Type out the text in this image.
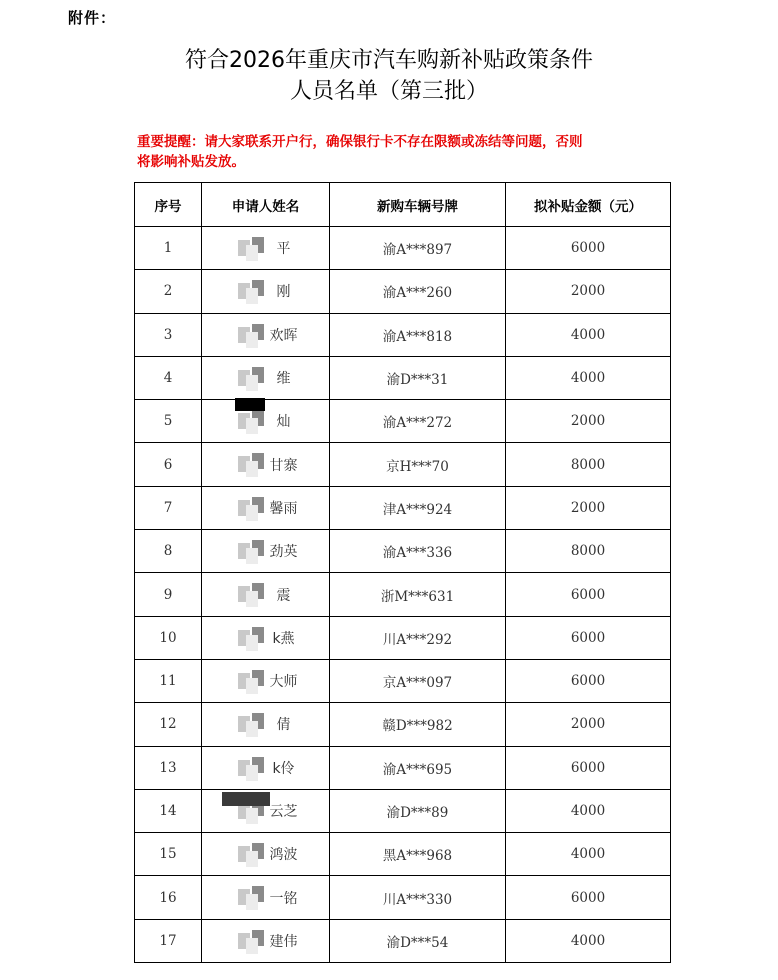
附件：
符合2026年重庆市汽车购新补贴政策条件
人员名单（第三批）
重要提醒：请大家联系开户行，确保银行卡不存在限额或冻结等问题，否则
将影响补贴发放。
序号	申请人姓名	新购车辆号牌	拟补贴金额（元）
1	平	渝A***897	6000
2	刚	渝A***260	2000
3	欢晖	渝A***818	4000
4	维	渝D***31	4000
5	灿	渝A***272	2000
6	甘寨	京H***70	8000
7	馨雨	津A***924	2000
8	劲英	渝A***336	8000
9	震	浙M***631	6000
10	k燕	川A***292	6000
11	大师	京A***097	6000
12	倩	赣D***982	2000
13	k伶	渝A***695	6000
14	云芝	渝D***89	4000
15	鸿波	黑A***968	4000
16	一铭	川A***330	6000
17	建伟	渝D***54	4000
